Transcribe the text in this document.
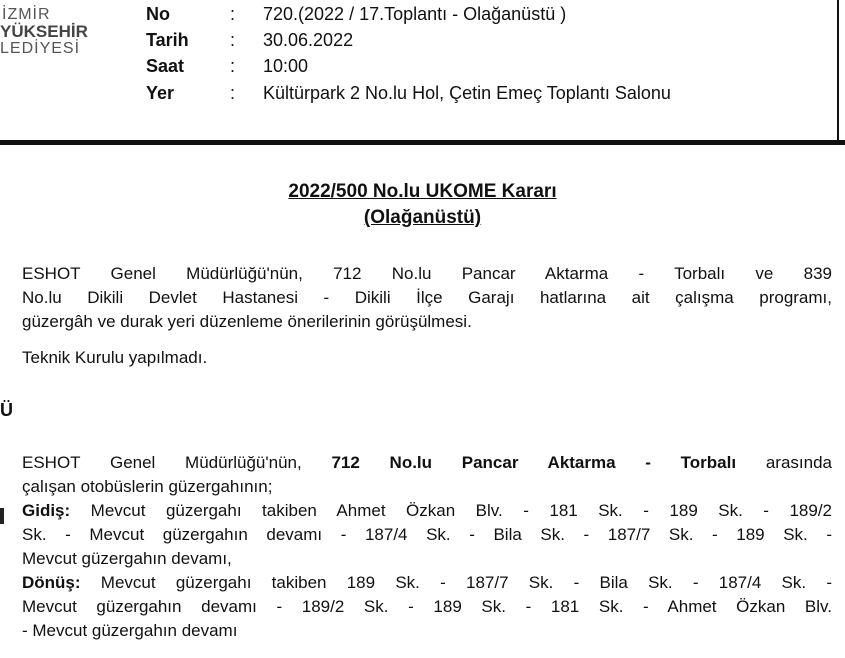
İZMİR
YÜKSEHİR
LEDİYESİ
No	: 720.(2022 / 17.Toplantı - Olağanüstü )
Tarih	: 30.06.2022
Saat	: 10:00
Yer	: Kültürpark 2 No.lu Hol, Çetin Emeç Toplantı Salonu
2022/500 No.lu UKOME Kararı
(Olağanüstü)
ESHOT Genel Müdürlüğü'nün, 712 No.lu Pancar Aktarma - Torbalı ve 839
No.lu Dikili Devlet Hastanesi - Dikili İlçe Garajı hatlarına ait çalışma programı,
güzergâh ve durak yeri düzenleme önerilerinin görüşülmesi.
Teknik Kurulu yapılmadı.
Ü
ESHOT Genel Müdürlüğü'nün, 712 No.lu Pancar Aktarma - Torbalı arasında
çalışan otobüslerin güzergahının;
Gidiş: Mevcut güzergahı takiben Ahmet Özkan Blv. - 181 Sk. - 189 Sk. - 189/2
Sk. - Mevcut güzergahın devamı - 187/4 Sk. - Bila Sk. - 187/7 Sk. - 189 Sk. -
Mevcut güzergahın devamı,
Dönüş: Mevcut güzergahı takiben 189 Sk. - 187/7 Sk. - Bila Sk. - 187/4 Sk. -
Mevcut güzergahın devamı - 189/2 Sk. - 189 Sk. - 181 Sk. - Ahmet Özkan Blv.
- Mevcut güzergahın devamı
